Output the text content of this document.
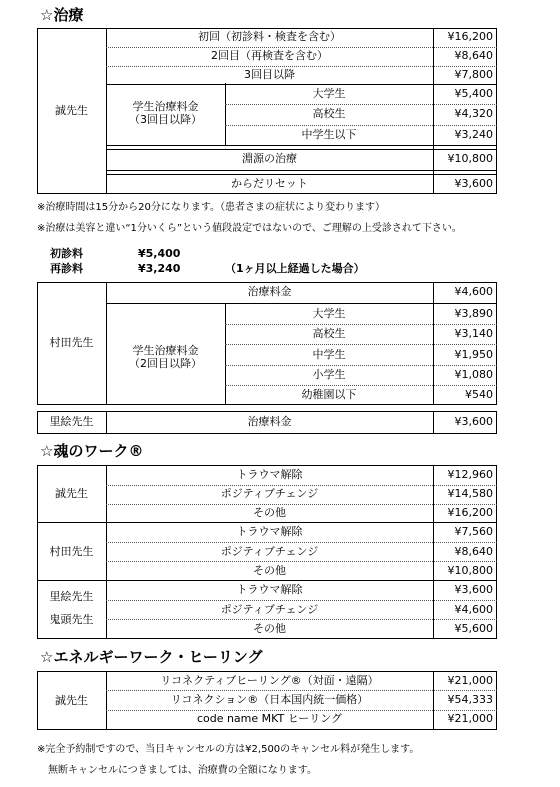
☆治療
誠先生
初回（初診料・検査を含む）	¥16,200
2回目（再検査を含む）	¥8,640
3回目以降	¥7,800
学生治療料金
（3回目以降）
大学生	¥5,400
高校生	¥4,320
中学生以下	¥3,240
淵源の治療	¥10,800
からだリセット	¥3,600
※治療時間は15分から20分になります。（患者さまの症状により変わります）
※治療は美容と違い“1分いくら”という値段設定ではないので、ご理解の上受診されて下さい。
初診料	¥5,400
再診料	¥3,240	（1ヶ月以上経過した場合）
村田先生
治療料金	¥4,600
学生治療料金
（2回目以降）
大学生	¥3,890
高校生	¥3,140
中学生	¥1,950
小学生	¥1,080
幼稚園以下	¥540
里絵先生	治療料金	¥3,600
☆魂のワーク®
誠先生
トラウマ解除	¥12,960
ポジティブチェンジ	¥14,580
その他	¥16,200
村田先生
トラウマ解除	¥7,560
ポジティブチェンジ	¥8,640
その他	¥10,800
里絵先生
鬼頭先生
トラウマ解除	¥3,600
ポジティブチェンジ	¥4,600
その他	¥5,600
☆エネルギーワーク・ヒーリング
誠先生
リコネクティブヒーリング®（対面・遠隔）	¥21,000
リコネクション®（日本国内統一価格）	¥54,333
code name MKT ヒーリング	¥21,000
※完全予約制ですので、当日キャンセルの方は¥2,500のキャンセル料が発生します。
無断キャンセルにつきましては、治療費の全額になります。
